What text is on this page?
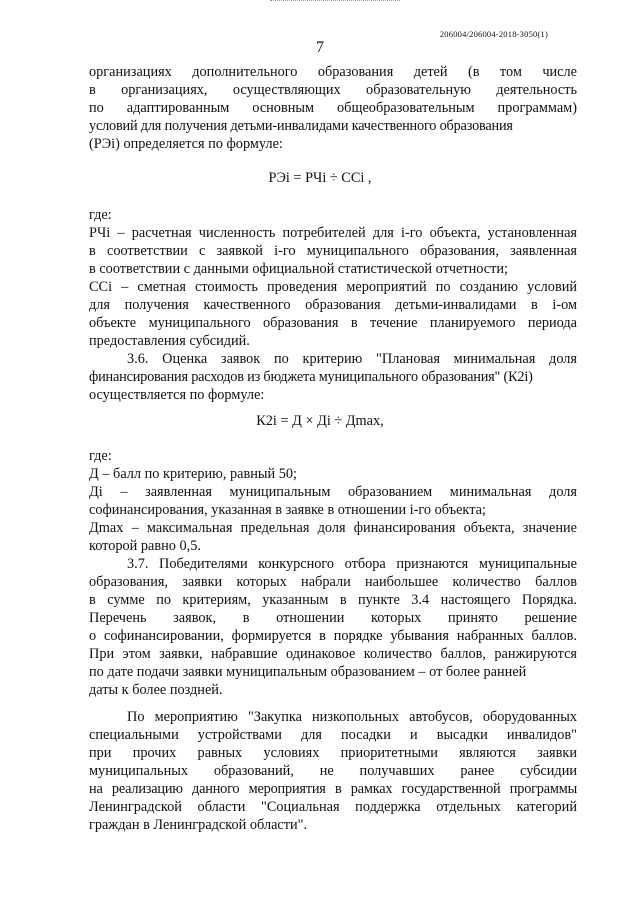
206004/206004-2018-3050(1)
7
организациях дополнительного образования детей (в том числе
в организациях, осуществляющих образовательную деятельность
по адаптированным основным общеобразовательным программам)
условий для получения детьми-инвалидами качественного образования
(РЭi) определяется по формуле:
РЭi = РЧi ÷ ССi ,
где:
РЧi – расчетная численность потребителей для i-го объекта, установленная
в соответствии с заявкой i-го муниципального образования, заявленная
в соответствии с данными официальной статистической отчетности;
ССi – сметная стоимость проведения мероприятий по созданию условий
для получения качественного образования детьми-инвалидами в i-ом
объекте муниципального образования в течение планируемого периода
предоставления субсидий.
3.6. Оценка заявок по критерию "Плановая минимальная доля
финансирования расходов из бюджета муниципального образования" (К2i)
осуществляется по формуле:
К2i = Д × Дi ÷ Дmax,
где:
Д – балл по критерию, равный 50;
Дi – заявленная муниципальным образованием минимальная доля
софинансирования, указанная в заявке в отношении i-го объекта;
Дmax – максимальная предельная доля финансирования объекта, значение
которой равно 0,5.
3.7. Победителями конкурсного отбора признаются муниципальные
образования, заявки которых набрали наибольшее количество баллов
в сумме по критериям, указанным в пункте 3.4 настоящего Порядка.
Перечень заявок, в отношении которых принято решение
о софинансировании, формируется в порядке убывания набранных баллов.
При этом заявки, набравшие одинаковое количество баллов, ранжируются
по дате подачи заявки муниципальным образованием – от более ранней
даты к более поздней.
По мероприятию "Закупка низкопольных автобусов, оборудованных
специальными устройствами для посадки и высадки инвалидов"
при прочих равных условиях приоритетными являются заявки
муниципальных образований, не получавших ранее субсидии
на реализацию данного мероприятия в рамках государственной программы
Ленинградской области "Социальная поддержка отдельных категорий
граждан в Ленинградской области".
